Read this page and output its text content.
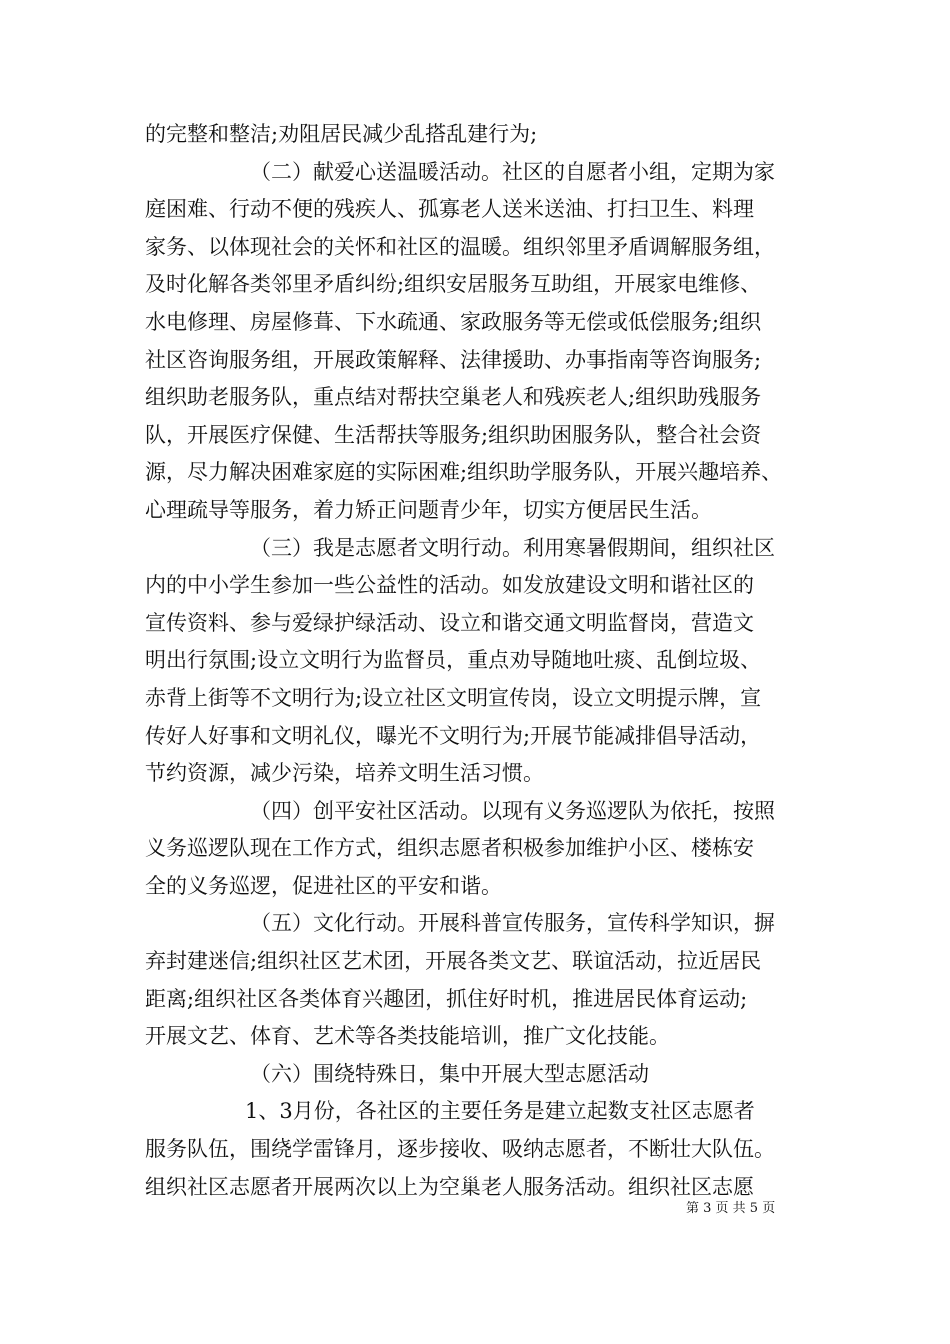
的完整和整洁;劝阻居民减少乱搭乱建行为;
（二）献爱心送温暖活动。社区的自愿者小组，定期为家
庭困难、行动不便的残疾人、孤寡老人送米送油、打扫卫生、料理
家务、以体现社会的关怀和社区的温暖。组织邻里矛盾调解服务组，
及时化解各类邻里矛盾纠纷;组织安居服务互助组，开展家电维修、
水电修理、房屋修葺、下水疏通、家政服务等无偿或低偿服务;组织
社区咨询服务组，开展政策解释、法律援助、办事指南等咨询服务;
组织助老服务队，重点结对帮扶空巢老人和残疾老人;组织助残服务
队，开展医疗保健、生活帮扶等服务;组织助困服务队，整合社会资
源，尽力解决困难家庭的实际困难;组织助学服务队，开展兴趣培养、
心理疏导等服务，着力矫正问题青少年，切实方便居民生活。
（三）我是志愿者文明行动。利用寒暑假期间，组织社区
内的中小学生参加一些公益性的活动。如发放建设文明和谐社区的
宣传资料、参与爱绿护绿活动、设立和谐交通文明监督岗，营造文
明出行氛围;设立文明行为监督员，重点劝导随地吐痰、乱倒垃圾、
赤背上街等不文明行为;设立社区文明宣传岗，设立文明提示牌，宣
传好人好事和文明礼仪，曝光不文明行为;开展节能减排倡导活动，
节约资源，减少污染，培养文明生活习惯。
（四）创平安社区活动。以现有义务巡逻队为依托，按照
义务巡逻队现在工作方式，组织志愿者积极参加维护小区、楼栋安
全的义务巡逻，促进社区的平安和谐。
（五）文化行动。开展科普宣传服务，宣传科学知识，摒
弃封建迷信;组织社区艺术团，开展各类文艺、联谊活动，拉近居民
距离;组织社区各类体育兴趣团，抓住好时机，推进居民体育运动;
开展文艺、体育、艺术等各类技能培训，推广文化技能。
（六）围绕特殊日，集中开展大型志愿活动
1、3月份，各社区的主要任务是建立起数支社区志愿者
服务队伍，围绕学雷锋月，逐步接收、吸纳志愿者，不断壮大队伍。
组织社区志愿者开展两次以上为空巢老人服务活动。组织社区志愿
第 3 页 共 5 页
